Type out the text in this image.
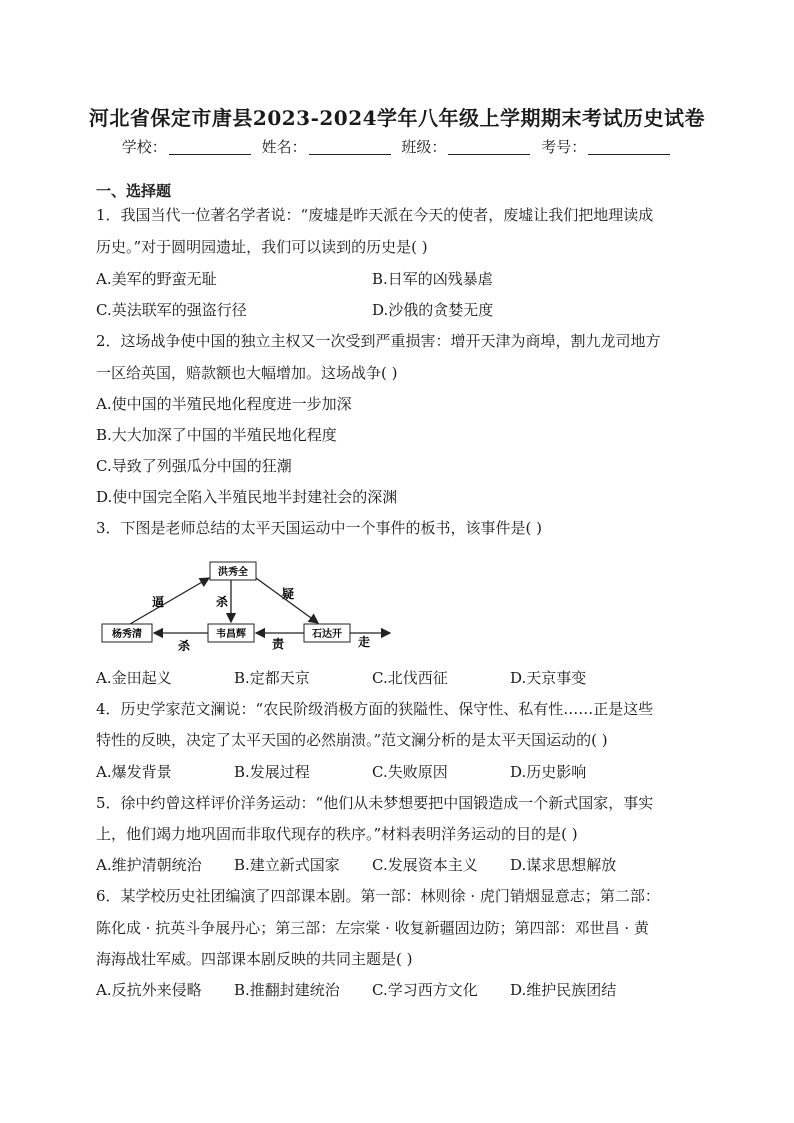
河北省保定市唐县2023-2024学年八年级上学期期末考试历史试卷
学校：	姓名：	班级：	考号：
一、选择题
1．我国当代一位著名学者说：“废墟是昨天派在今天的使者，废墟让我们把地理读成
历史。”对于圆明园遗址，我们可以读到的历史是( )
A.美军的野蛮无耻	B.日军的凶残暴虐
C.英法联军的强盗行径	D.沙俄的贪婪无度
2．这场战争使中国的独立主权又一次受到严重损害：增开天津为商埠，割九龙司地方
一区给英国，赔款额也大幅增加。这场战争( )
A.使中国的半殖民地化程度进一步加深
B.大大加深了中国的半殖民地化程度
C.导致了列强瓜分中国的狂潮
D.使中国完全陷入半殖民地半封建社会的深渊
3．下图是老师总结的太平天国运动中一个事件的板书，该事件是( )
洪秀全
杨秀清	韦昌辉	石达开
逼	杀
疑
杀	责	走
A.金田起义	B.定都天京	C.北伐西征	D.天京事变
4．历史学家范文澜说：“农民阶级消极方面的狭隘性、保守性、私有性……正是这些
特性的反映，决定了太平天国的必然崩溃。”范文澜分析的是太平天国运动的( )
A.爆发背景	B.发展过程	C.失败原因	D.历史影响
5．徐中约曾这样评价洋务运动：“他们从未梦想要把中国锻造成一个新式国家，事实
上，他们竭力地巩固而非取代现存的秩序。”材料表明洋务运动的目的是( )
A.维护清朝统治 B.建立新式国家 C.发展资本主义 D.谋求思想解放
6．某学校历史社团编演了四部课本剧。第一部：林则徐 · 虎门销烟显意志；第二部：
陈化成 · 抗英斗争展丹心；第三部：左宗棠 · 收复新疆固边防；第四部：邓世昌 · 黄
海海战壮军威。四部课本剧反映的共同主题是( )
A.反抗外来侵略 B.推翻封建统治 C.学习西方文化 D.维护民族团结
